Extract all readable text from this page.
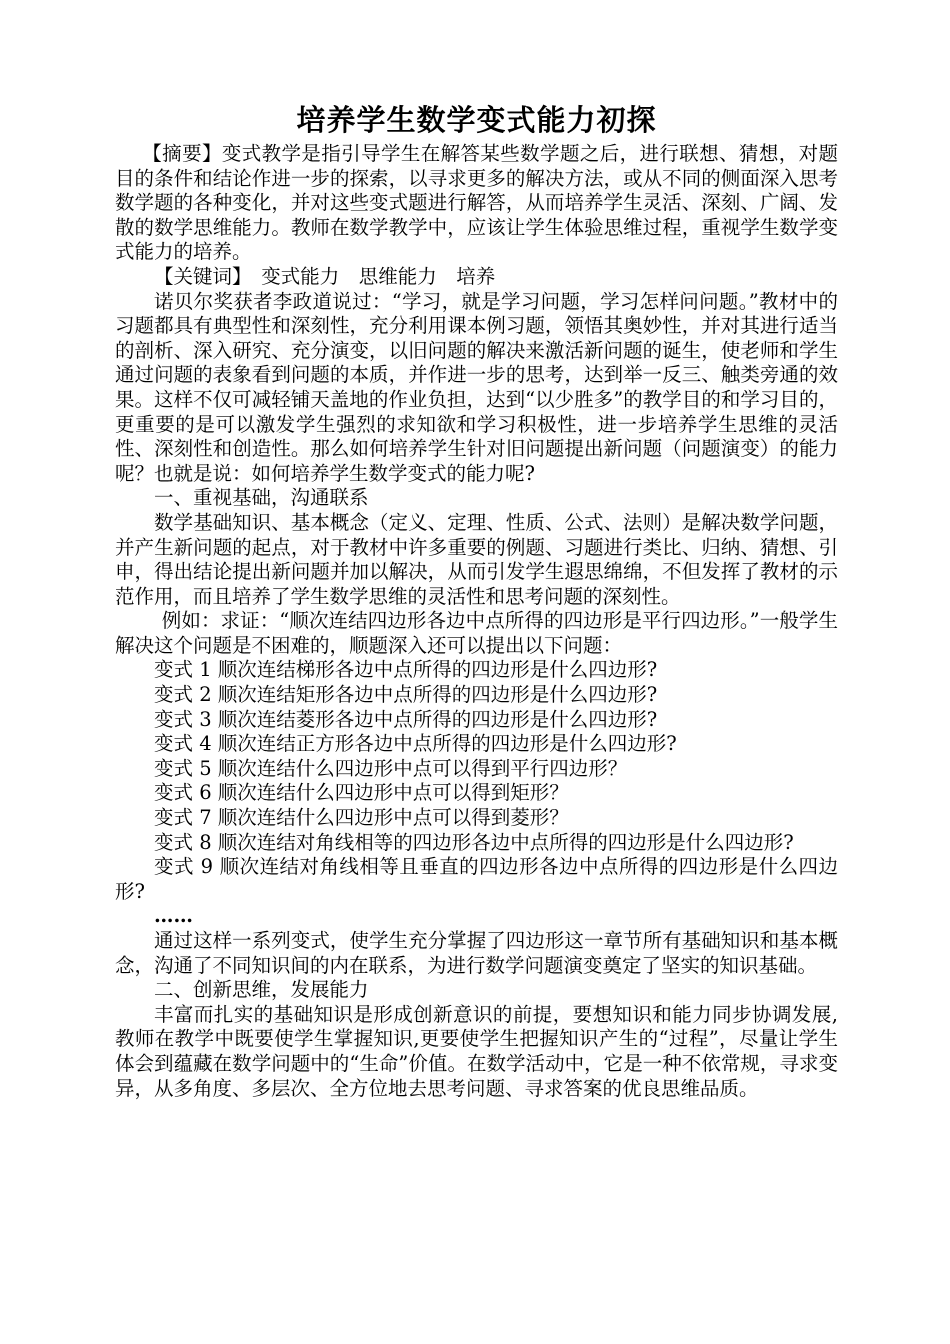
培养学生数学变式能力初探

【摘要】变式教学是指引导学生在解答某些数学题之后，进行联想、猜想，对题目的条件和结论作进一步的探索，以寻求更多的解决方法，或从不同的侧面深入思考数学题的各种变化，并对这些变式题进行解答，从而培养学生灵活、深刻、广阔、发散的数学思维能力。教师在数学教学中，应该让学生体验思维过程，重视学生数学变式能力的培养。

【关键词】　变式能力　思维能力　培养

诺贝尔奖获者李政道说过：“学习，就是学习问题，学习怎样问问题。”教材中的习题都具有典型性和深刻性，充分利用课本例习题，领悟其奥妙性，并对其进行适当的剖析、深入研究、充分演变，以旧问题的解决来激活新问题的诞生，使老师和学生通过问题的表象看到问题的本质，并作进一步的思考，达到举一反三、触类旁通的效果。这样不仅可减轻铺天盖地的作业负担，达到“以少胜多”的教学目的和学习目的，更重要的是可以激发学生强烈的求知欲和学习积极性，进一步培养学生思维的灵活性、深刻性和创造性。那么如何培养学生针对旧问题提出新问题（问题演变）的能力呢？也就是说：如何培养学生数学变式的能力呢?

一、重视基础，沟通联系

数学基础知识、基本概念（定义、定理、性质、公式、法则）是解决数学问题，并产生新问题的起点，对于教材中许多重要的例题、习题进行类比、归纳、猜想、引申，得出结论提出新问题并加以解决，从而引发学生遐思绵绵，不但发挥了教材的示范作用，而且培养了学生数学思维的灵活性和思考问题的深刻性。

例如：求证：“顺次连结四边形各边中点所得的四边形是平行四边形。”一般学生解决这个问题是不困难的，顺题深入还可以提出以下问题：

变式 1 顺次连结梯形各边中点所得的四边形是什么四边形?

变式 2 顺次连结矩形各边中点所得的四边形是什么四边形?

变式 3 顺次连结菱形各边中点所得的四边形是什么四边形?

变式 4 顺次连结正方形各边中点所得的四边形是什么四边形?

变式 5 顺次连结什么四边形中点可以得到平行四边形？

变式 6 顺次连结什么四边形中点可以得到矩形？

变式 7 顺次连结什么四边形中点可以得到菱形？

变式 8 顺次连结对角线相等的四边形各边中点所得的四边形是什么四边形?

变式 9 顺次连结对角线相等且垂直的四边形各边中点所得的四边形是什么四边形?

……

通过这样一系列变式，使学生充分掌握了四边形这一章节所有基础知识和基本概念，沟通了不同知识间的内在联系，为进行数学问题演变奠定了坚实的知识基础。

二、创新思维，发展能力

丰富而扎实的基础知识是形成创新意识的前提，要想知识和能力同步协调发展,教师在教学中既要使学生掌握知识,更要使学生把握知识产生的“过程”，尽量让学生体会到蕴藏在数学问题中的“生命”价值。在数学活动中，它是一种不依常规，寻求变异，从多角度、多层次、全方位地去思考问题、寻求答案的优良思维品质。
